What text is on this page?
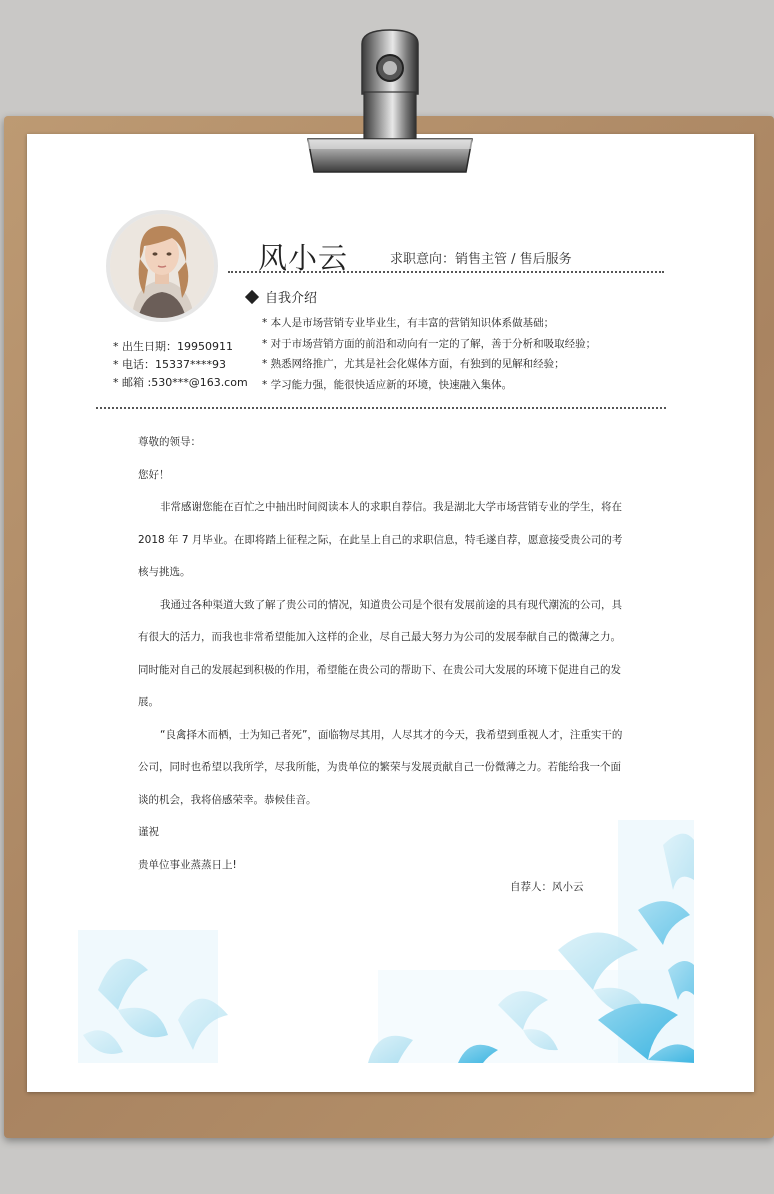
风小云	求职意向：销售主管 / 售后服务
自我介绍
* 本人是市场营销专业毕业生，有丰富的营销知识体系做基础；
* 对于市场营销方面的前沿和动向有一定的了解，善于分析和吸取经验；
* 熟悉网络推广，尤其是社会化媒体方面，有独到的见解和经验；
* 学习能力强，能很快适应新的环境，快速融入集体。
* 出生日期：19950911
* 电话：15337****93
* 邮箱 :530***@163.com

尊敬的领导：

您好！

非常感谢您能在百忙之中抽出时间阅读本人的求职自荐信。我是湖北大学市场营销专业的学生，将在

2018 年 7 月毕业。在即将踏上征程之际，在此呈上自己的求职信息，特毛遂自荐，愿意接受贵公司的考

核与挑选。

我通过各种渠道大致了解了贵公司的情况，知道贵公司是个很有发展前途的具有现代潮流的公司，具

有很大的活力，而我也非常希望能加入这样的企业，尽自己最大努力为公司的发展奉献自己的微薄之力。

同时能对自己的发展起到积极的作用，希望能在贵公司的帮助下、在贵公司大发展的环境下促进自己的发

展。

“良禽择木而栖，士为知己者死”，面临物尽其用，人尽其才的今天，我希望到重视人才，注重实干的

公司，同时也希望以我所学，尽我所能，为贵单位的繁荣与发展贡献自己一份微薄之力。若能给我一个面

谈的机会，我将倍感荣幸。恭候佳音。

谨祝

贵单位事业蒸蒸日上!

自荐人：风小云
